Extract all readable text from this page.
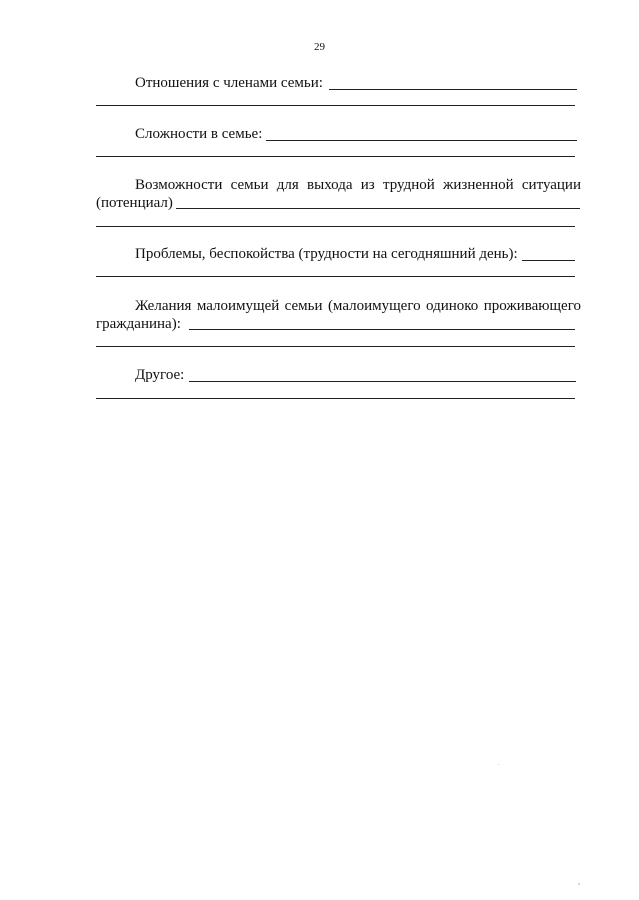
29
Отношения с членами семьи:
Сложности в семье:
Возможности семьи для выхода из трудной жизненной ситуации
(потенциал)
Проблемы, беспокойства (трудности на сегодняшний день):
Желания малоимущей семьи (малоимущего одиноко проживающего
гражданина):
Другое:
